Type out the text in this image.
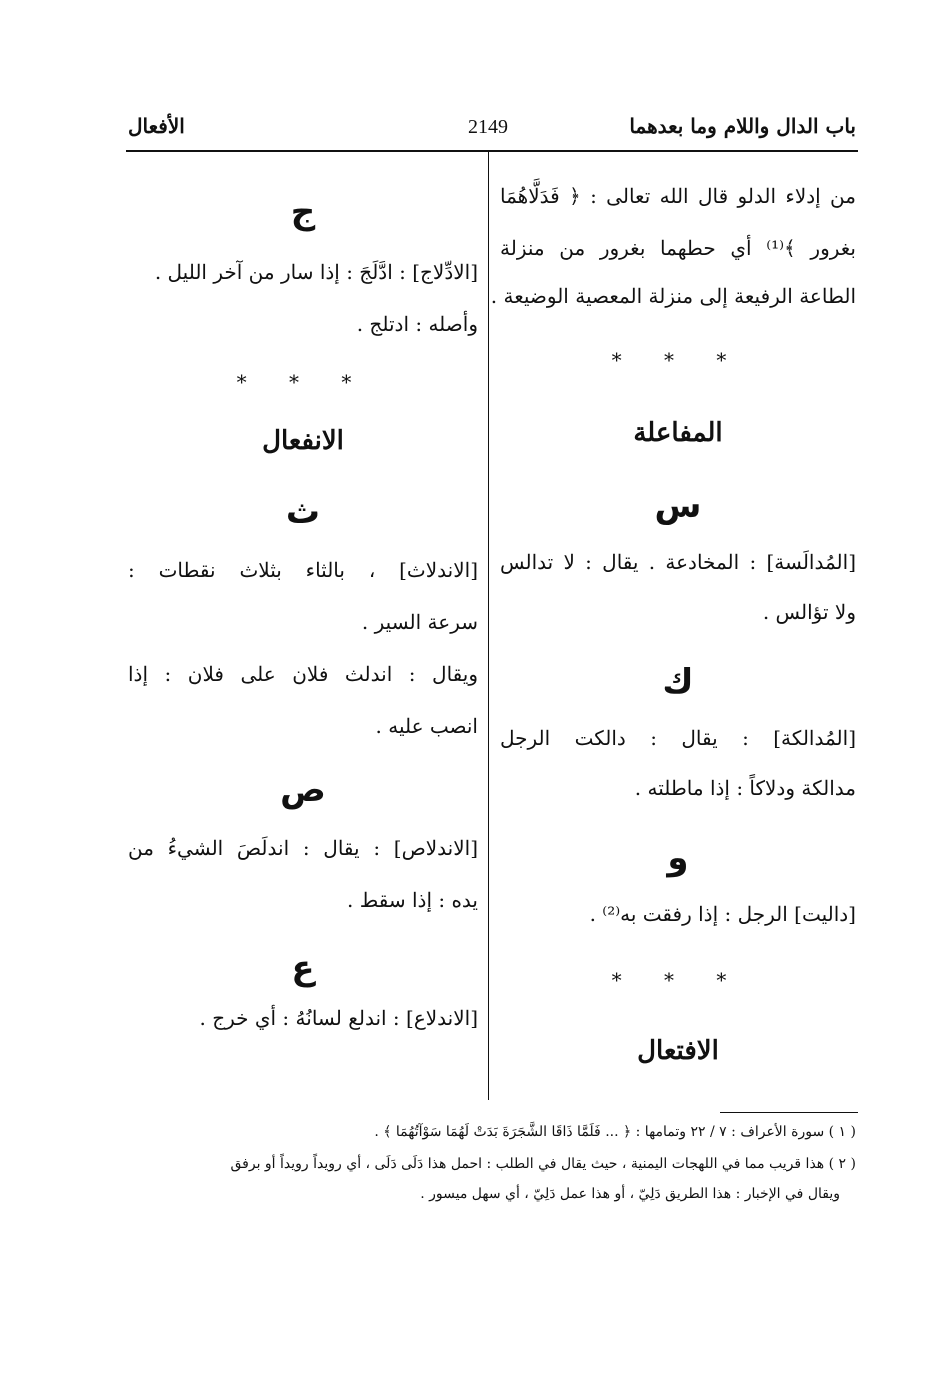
باب الدال واللام وما بعدهما
2149
الأفعال
من إدلاء الدلو قال الله تعالى : ﴿ فَدَلَّاهُمَا
بغرور ﴾⁽¹⁾ أي حطهما بغرور من منزلة
الطاعة الرفيعة إلى منزلة المعصية الوضيعة .
* * *
المفاعلة
س
[المُدالَسة] : المخادعة . يقال : لا تدالس
ولا تؤالس .
ك
[المُدالكة] : يقال : دالكت الرجل
مدالكة ودلاكاً : إذا ماطلته .
و
[داليت] الرجل : إذا رفقت به⁽²⁾ .
* * *
الافتعال
ج
[الادِّلاج] : ادَّلَجَ : إذا سار من آخر الليل .
وأصله : ادتلج .
* * *
الانفعال
ث
[الاندلاث] ، بالثاء بثلاث نقطات :
سرعة السير .
ويقال : اندلث فلان على فلان : إذا
انصب عليه .
ص
[الاندلاص] : يقال : اندلَصَ الشيءُ من
يده : إذا سقط .
ع
[الاندلاع] : اندلع لسانُهُ : أي خرج .
( ١ ) سورة الأعراف : ٧ / ٢٢ وتمامها : ﴿ ... فَلَمَّا ذَاقَا الشَّجَرَةَ بَدَتْ لَهُمَا سَوْآتُهُمَا ﴾ .
( ٢ ) هذا قريب مما في اللهجات اليمنية ، حيث يقال في الطلب : احمل هذا دَلَى دَلَى ، أي رويداً رويداً أو برفق
ويقال في الإخبار : هذا الطريق دَلِيّ ، أو هذا عمل دَلِيّ ، أي سهل ميسور .
